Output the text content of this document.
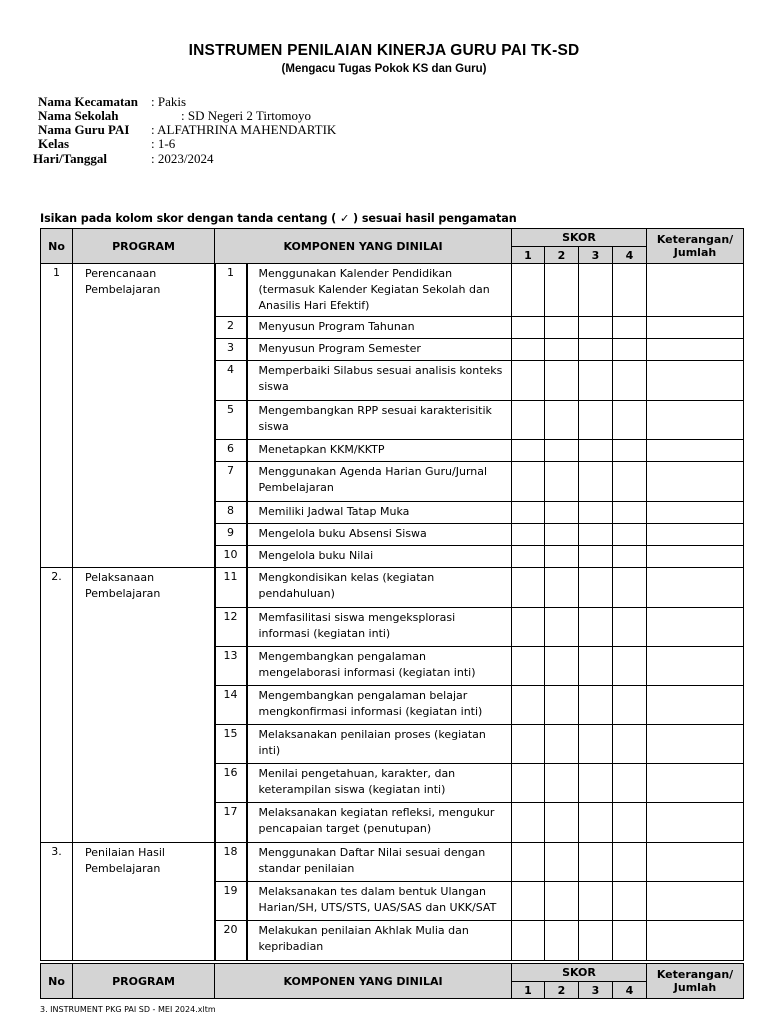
INSTRUMEN PENILAIAN KINERJA GURU PAI TK-SD
(Mengacu Tugas Pokok KS dan Guru)
Nama Kecamatan : Pakis
Nama Sekolah	: SD Negeri 2 Tirtomoyo
Nama Guru PAI : ALFATHRINA MAHENDARTIK
Kelas	: 1-6
Hari/Tanggal	: 2023/2024
Isikan pada kolom skor dengan tanda centang ( ✓ ) sesuai hasil pengamatan
No	PROGRAM	KOMPONEN YANG DINILAI		SKOR				Keterangan/ Jumlah
				1	2	3	4	
1	Perencanaan Pembelajaran	1	Menggunakan Kalender Pendidikan (termasuk Kalender Kegiatan Sekolah dan Anasilis Hari Efektif)					
		2	Menyusun Program Tahunan					
		3	Menyusun Program Semester					
		4	Memperbaiki Silabus sesuai analisis konteks siswa					
		5	Mengembangkan RPP sesuai karakterisitik siswa					
		6	Menetapkan KKM/KKTP					
		7	Menggunakan Agenda Harian Guru/Jurnal Pembelajaran					
		8	Memiliki Jadwal Tatap Muka					
		9	Mengelola buku Absensi Siswa					
		10	Mengelola buku Nilai					
2.	Pelaksanaan Pembelajaran	11	Mengkondisikan kelas (kegiatan pendahuluan)					
		12	Memfasilitasi siswa mengeksplorasi informasi (kegiatan inti)					
		13	Mengembangkan pengalaman mengelaborasi informasi (kegiatan inti)					
		14	Mengembangkan pengalaman belajar mengkonfirmasi informasi (kegiatan inti)					
		15	Melaksanakan penilaian proses (kegiatan inti)					
		16	Menilai pengetahuan, karakter, dan keterampilan siswa (kegiatan inti)					
		17	Melaksanakan kegiatan refleksi, mengukur pencapaian target (penutupan)					
3.	Penilaian Hasil Pembelajaran	18	Menggunakan Daftar Nilai sesuai dengan standar penilaian					
		19	Melaksanakan tes dalam bentuk Ulangan Harian/SH, UTS/STS, UAS/SAS dan UKK/SAT					
		20	Melakukan penilaian Akhlak Mulia dan kepribadian					
No	PROGRAM	KOMPONEN YANG DINILAI	SKOR				Keterangan/ Jumlah
			1	2	3	4	
3. INSTRUMENT PKG PAI SD - MEI 2024.xltm
